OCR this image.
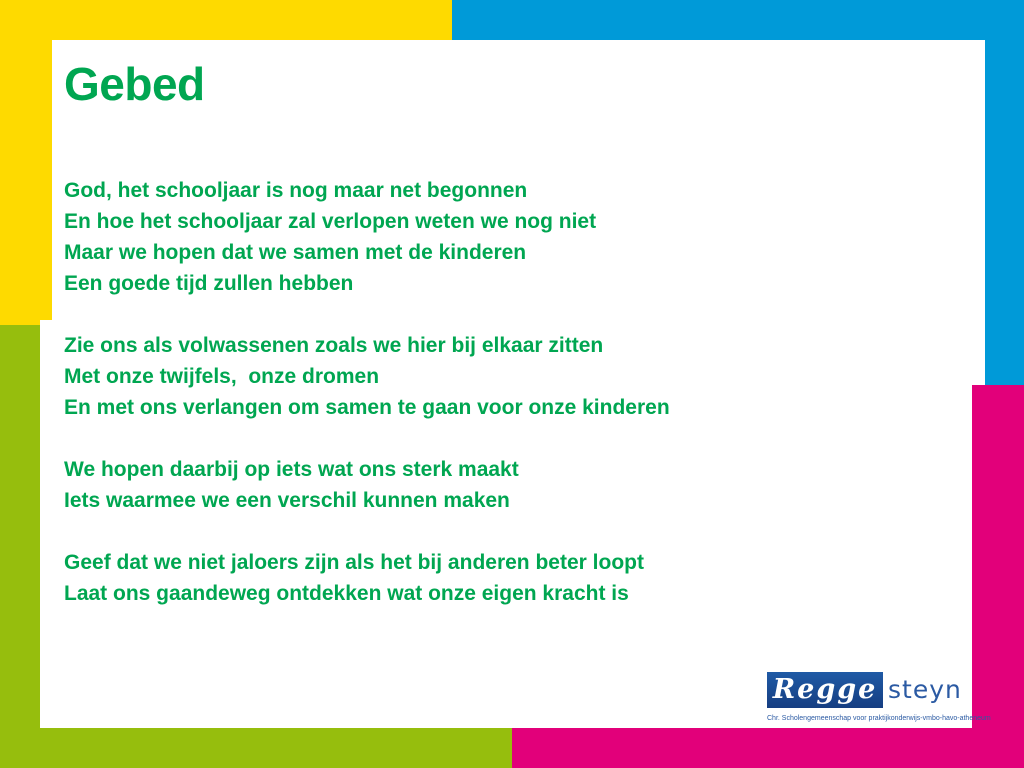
Gebed
God, het schooljaar is nog maar net begonnen
En hoe het schooljaar zal verlopen weten we nog niet
Maar we hopen dat we samen met de kinderen
Een goede tijd zullen hebben
Zie ons als volwassenen zoals we hier bij elkaar zitten
Met onze twijfels,  onze dromen
En met ons verlangen om samen te gaan voor onze kinderen
We hopen daarbij op iets wat ons sterk maakt
Iets waarmee we een verschil kunnen maken
Geef dat we niet jaloers zijn als het bij anderen beter loopt
Laat ons gaandeweg ontdekken wat onze eigen kracht is
Regge steyn
Chr. Scholengemeenschap voor praktijkonderwijs-vmbo-havo-atheneum
